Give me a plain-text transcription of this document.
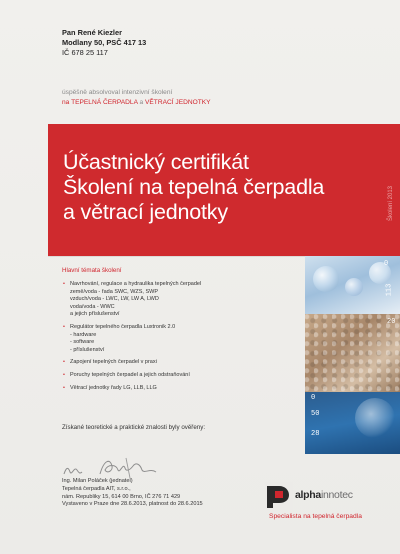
Pan René Kiezler
Modlany 50, PSČ 417 13
IČ 678 25 117
úspěšně absolvoval intenzivní školení
na TEPELNÁ ČERPADLA a VĚTRACÍ JEDNOTKY
Účastnický certifikát
Školení na tepelná čerpadla
a větrací jednotky	Školení 2013
0
113
20
0
50
28
Hlavní témata školení
• Navrhování, regulace a hydraulika tepelných čerpadel
země/voda - řada SWC, WZS, SWP
vzduch/voda - LWC, LW, LW A, LWD
voda/voda - WWC
a jejich příslušenství
• Regulátor tepelného čerpadla Luxtronik 2.0
- hardware
- software
- příslušenství
• Zapojení tepelných čerpadel v praxi
• Poruchy tepelných čerpadel a jejich odstraňování
• Větrací jednotky řady LG, LLB, LLG
Získané teoretické a praktické znalosti byly ověřeny:
Ing. Milan Poláček (jednatel)
Tepelná čerpadla AIT, s.r.o.,
nám. Republiky 15, 614 00 Brno, IČ 276 71 429
Vystaveno v Praze dne 28.6.2013, platnost do 28.6.2015
alphainnotec
Specialista na tepelná čerpadla
